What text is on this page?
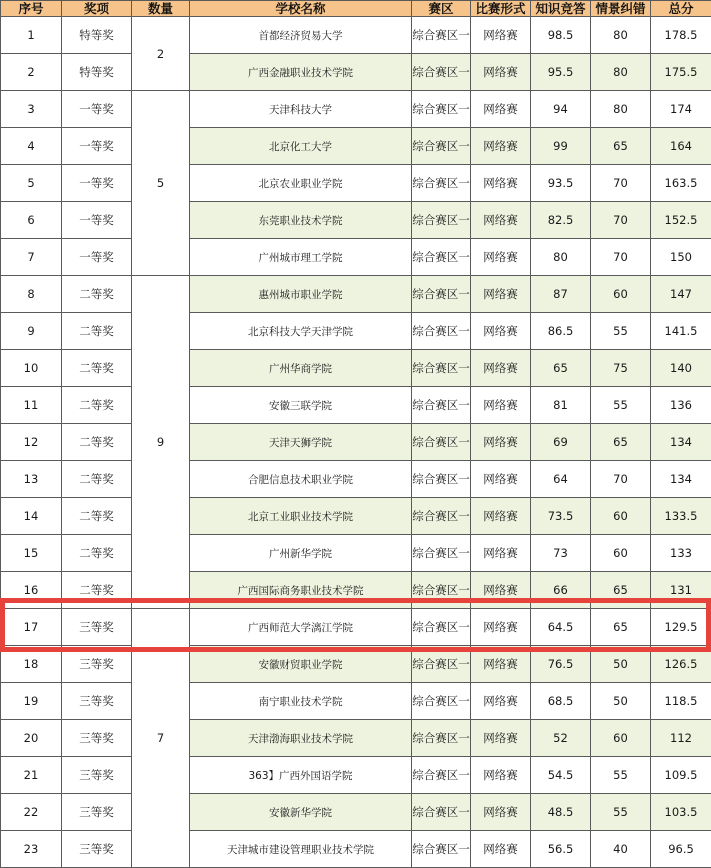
序号	奖项	数量	学校名称	赛区	比赛形式	知识竞答	情景纠错	总分
1	特等奖	2	首都经济贸易大学	综合赛区一	网络赛	98.5	80	178.5
2	特等奖		广西金融职业技术学院	综合赛区一	网络赛	95.5	80	175.5
3	一等奖	5	天津科技大学	综合赛区一	网络赛	94	80	174
4	一等奖		北京化工大学	综合赛区一	网络赛	99	65	164
5	一等奖		北京农业职业学院	综合赛区一	网络赛	93.5	70	163.5
6	一等奖		东莞职业技术学院	综合赛区一	网络赛	82.5	70	152.5
7	一等奖		广州城市理工学院	综合赛区一	网络赛	80	70	150
8	二等奖	9	惠州城市职业学院	综合赛区一	网络赛	87	60	147
9	二等奖		北京科技大学天津学院	综合赛区一	网络赛	86.5	55	141.5
10	二等奖		广州华商学院	综合赛区一	网络赛	65	75	140
11	二等奖		安徽三联学院	综合赛区一	网络赛	81	55	136
12	二等奖		天津天狮学院	综合赛区一	网络赛	69	65	134
13	二等奖		合肥信息技术职业学院	综合赛区一	网络赛	64	70	134
14	二等奖		北京工业职业技术学院	综合赛区一	网络赛	73.5	60	133.5
15	二等奖		广州新华学院	综合赛区一	网络赛	73	60	133
16	二等奖		广西国际商务职业技术学院	综合赛区一	网络赛	66	65	131
17	三等奖	7	广西师范大学漓江学院	综合赛区一	网络赛	64.5	65	129.5
18	三等奖		安徽财贸职业学院	综合赛区一	网络赛	76.5	50	126.5
19	三等奖		南宁职业技术学院	综合赛区一	网络赛	68.5	50	118.5
20	三等奖		天津渤海职业技术学院	综合赛区一	网络赛	52	60	112
21	三等奖		363】广西外国语学院	综合赛区一	网络赛	54.5	55	109.5
22	三等奖		安徽新华学院	综合赛区一	网络赛	48.5	55	103.5
23	三等奖		天津城市建设管理职业技术学院	综合赛区一	网络赛	56.5	40	96.5
